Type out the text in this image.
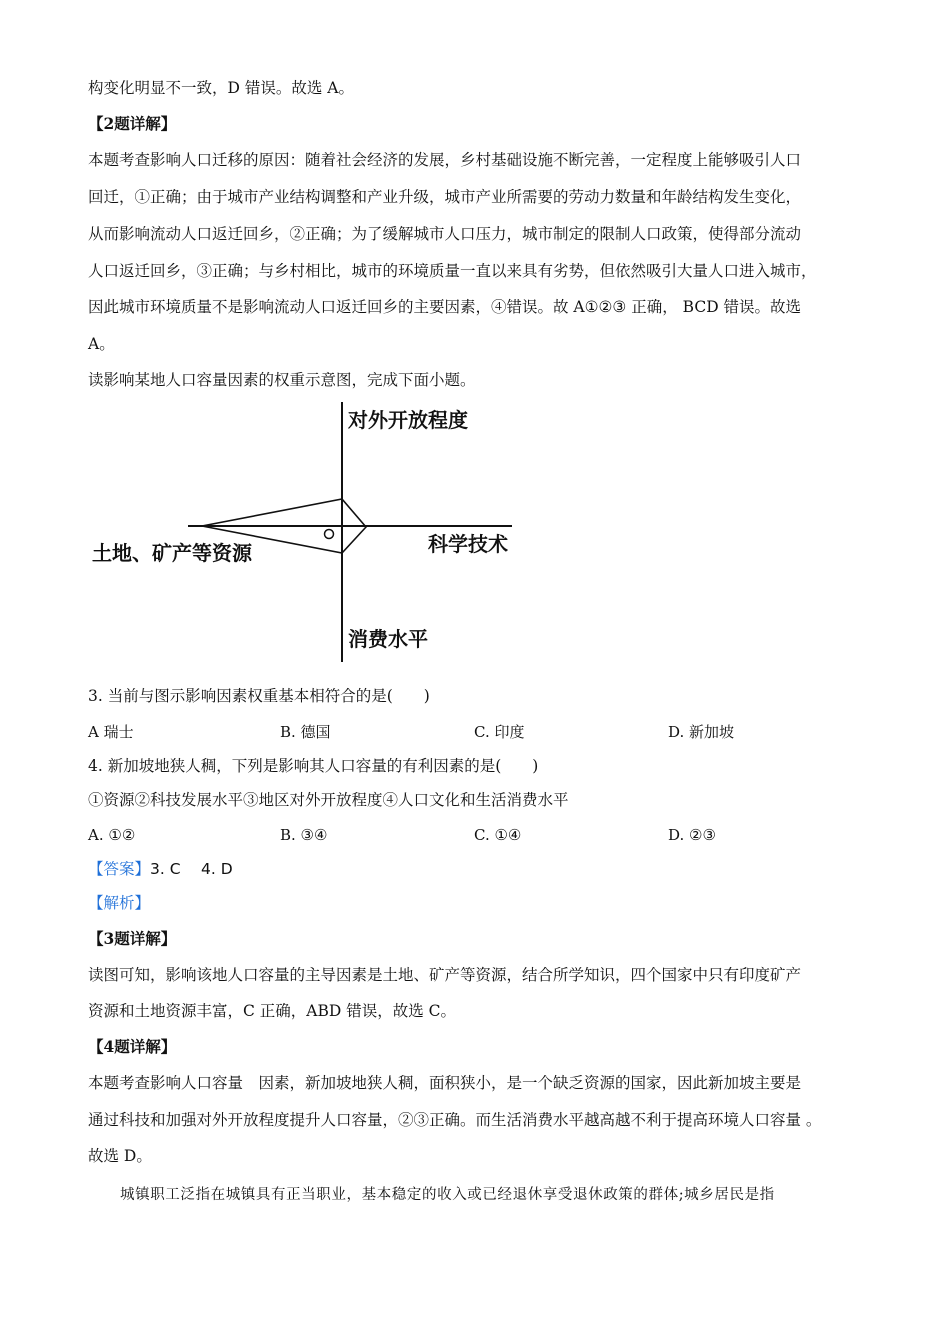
构变化明显不一致，D 错误。故选 A。
【2题详解】
本题考查影响人口迁移的原因：随着社会经济的发展，乡村基础设施不断完善，一定程度上能够吸引人口
回迁，①正确；由于城市产业结构调整和产业升级，城市产业所需要的劳动力数量和年龄结构发生变化，
从而影响流动人口返迁回乡，②正确；为了缓解城市人口压力，城市制定的限制人口政策，使得部分流动
人口返迁回乡，③正确；与乡村相比，城市的环境质量一直以来具有劣势，但依然吸引大量人口进入城市，
因此城市环境质量不是影响流动人口返迁回乡的主要因素，④错误。故 A①②③ 正确， BCD 错误。故选
A。
读影响某地人口容量因素的权重示意图，完成下面小题。
对外开放程度
土地、矿产等资源	科学技术
消费水平
3. 当前与图示影响因素权重基本相符合的是(　　)
A 瑞士	B. 德国	C. 印度	D. 新加坡
4. 新加坡地狭人稠，下列是影响其人口容量的有利因素的是(　　)
①资源②科技发展水平③地区对外开放程度④人口文化和生活消费水平
A. ①②	B. ③④	C. ①④	D. ②③
【答案】3. C　 4. D
【解析】
【3题详解】
读图可知，影响该地人口容量的主导因素是土地、矿产等资源，结合所学知识，四个国家中只有印度矿产
资源和土地资源丰富，C 正确，ABD 错误，故选 C。
【4题详解】
本题考查影响人口容量　因素，新加坡地狭人稠，面积狭小，是一个缺乏资源的国家，因此新加坡主要是
通过科技和加强对外开放程度提升人口容量，②③正确。而生活消费水平越高越不利于提高环境人口容量 。
故选 D。
城镇职工泛指在城镇具有正当职业，基本稳定的收入或已经退休享受退休政策的群体;城乡居民是指
